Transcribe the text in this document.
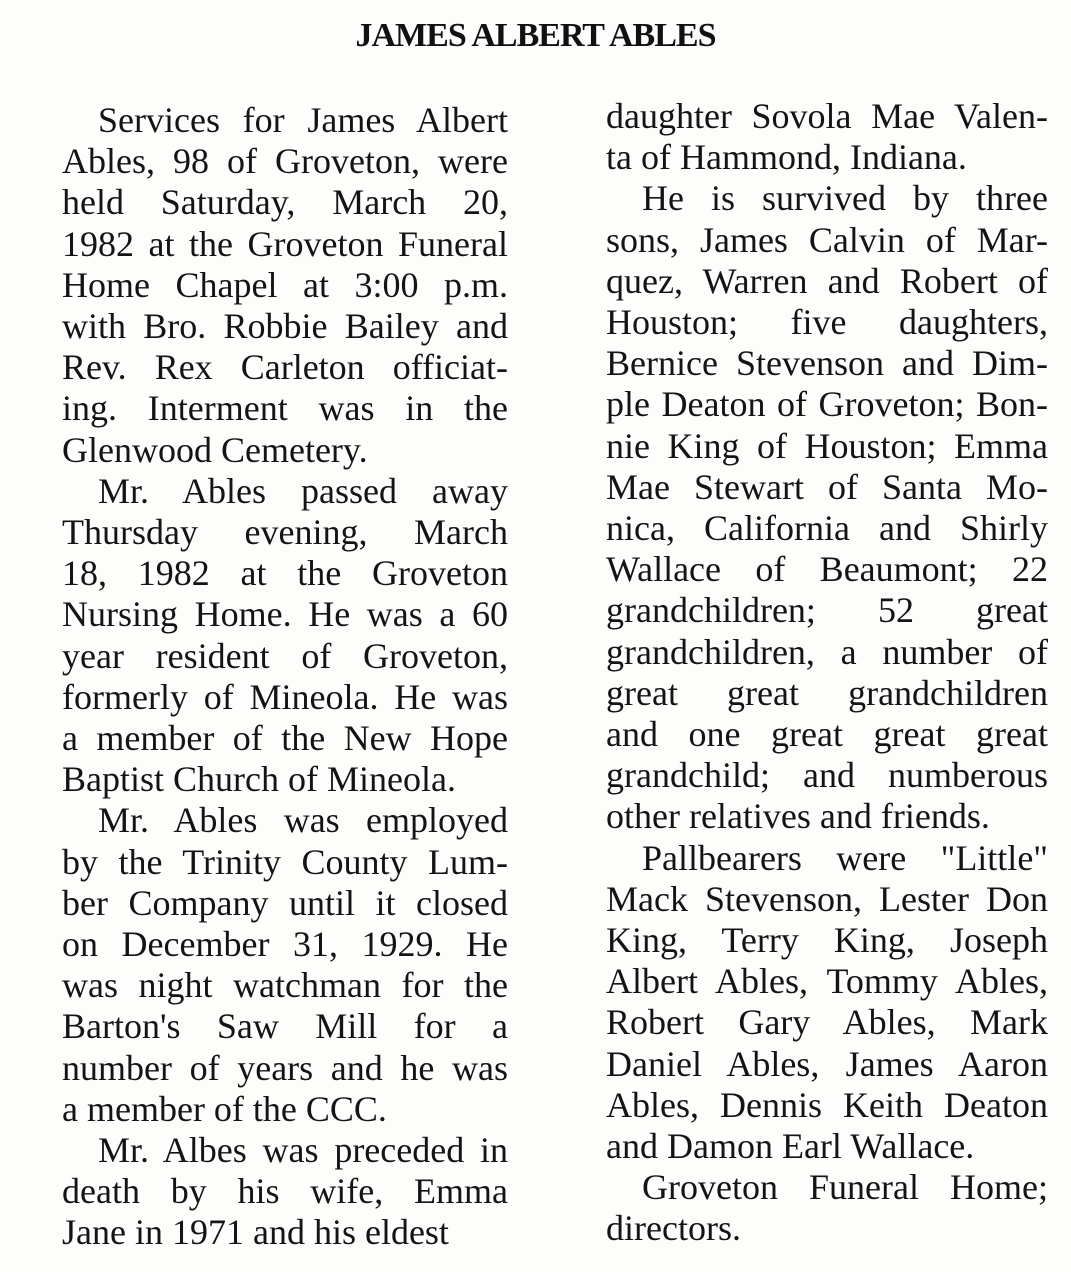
JAMES ALBERT ABLES
Services for James Albert
Ables, 98 of Groveton, were
held Saturday, March 20,
1982 at the Groveton Funeral
Home Chapel at 3:00 p.m.
with Bro. Robbie Bailey and
Rev. Rex Carleton officiat-
ing. Interment was in the
Glenwood Cemetery.
Mr. Ables passed away
Thursday evening, March
18, 1982 at the Groveton
Nursing Home. He was a 60
year resident of Groveton,
formerly of Mineola. He was
a member of the New Hope
Baptist Church of Mineola.
Mr. Ables was employed
by the Trinity County Lum-
ber Company until it closed
on December 31, 1929. He
was night watchman for the
Barton's Saw Mill for a
number of years and he was
a member of the CCC.
Mr. Albes was preceded in
death by his wife, Emma
Jane in 1971 and his eldest
daughter Sovola Mae Valen-
ta of Hammond, Indiana.
He is survived by three
sons, James Calvin of Mar-
quez, Warren and Robert of
Houston; five daughters,
Bernice Stevenson and Dim-
ple Deaton of Groveton; Bon-
nie King of Houston; Emma
Mae Stewart of Santa Mo-
nica, California and Shirly
Wallace of Beaumont; 22
grandchildren; 52 great
grandchildren, a number of
great great grandchildren
and one great great great
grandchild; and numberous
other relatives and friends.
Pallbearers were "Little"
Mack Stevenson, Lester Don
King, Terry King, Joseph
Albert Ables, Tommy Ables,
Robert Gary Ables, Mark
Daniel Ables, James Aaron
Ables, Dennis Keith Deaton
and Damon Earl Wallace.
Groveton Funeral Home;
directors.
